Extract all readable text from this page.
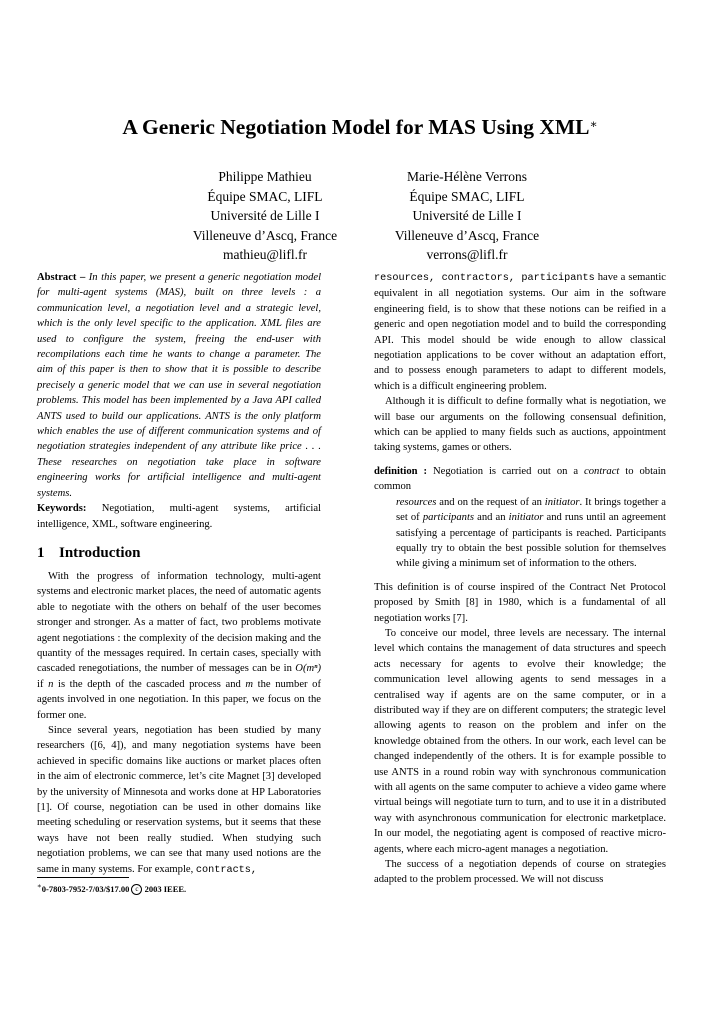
A Generic Negotiation Model for MAS Using XML∗
Philippe Mathieu
Équipe SMAC, LIFL
Université de Lille I
Villeneuve d’Ascq, France
mathieu@lifl.fr
Marie-Hélène Verrons
Équipe SMAC, LIFL
Université de Lille I
Villeneuve d’Ascq, France
verrons@lifl.fr

Abstract – In this paper, we present a generic negotiation model for multi-agent systems (MAS), built on three levels : a communication level, a negotiation level and a strategic level, which is the only level specific to the application. XML files are used to configure the system, freeing the end-user with recompilations each time he wants to change a parameter. The aim of this paper is then to show that it is possible to describe precisely a generic model that we can use in several negotiation problems. This model has been implemented by a Java API called ANTS used to build our applications. ANTS is the only platform which enables the use of different communication systems and of negotiation strategies independent of any attribute like price . . . These researches on negotiation take place in software engineering works for artificial intelligence and multi-agent systems.

Keywords: Negotiation, multi-agent systems, artificial intelligence, XML, software engineering.

1 Introduction

With the progress of information technology, multi-agent systems and electronic market places, the need of automatic agents able to negotiate with the others on behalf of the user becomes stronger and stronger. As a matter of fact, two problems motivate agent negotiations : the complexity of the decision making and the quantity of the messages required. In certain cases, specially with cascaded renegotiations, the number of messages can be in O(mⁿ) if n is the depth of the cascaded process and m the number of agents involved in one negotiation. In this paper, we focus on the former one.

Since several years, negotiation has been studied by many researchers ([6, 4]), and many negotiation systems have been achieved in specific domains like auctions or market places often in the aim of electronic commerce, let’s cite Magnet [3] developed by the university of Minnesota and works done at HP Laboratories [1]. Of course, negotiation can be used in other domains like meeting scheduling or reservation systems, but it seems that these ways have not been really studied. When studying such negotiation problems, we can see that many used notions are the same in many systems. For example, contracts,

∗0-7803-7952-7/03/$17.00 c 2003 IEEE.

resources, contractors, participants have a semantic equivalent in all negotiation systems. Our aim in the software engineering field, is to show that these notions can be reified in a generic and open negotiation model and to build the corresponding API. This model should be wide enough to allow classical negotiation applications to be cover without an adaptation effort, and to possess enough parameters to adapt to different models, which is a difficult engineering problem.

Although it is difficult to define formally what is negotiation, we will base our arguments on the following consensual definition, which can be applied to many fields such as auctions, appointment taking systems, games or others.

definition : Negotiation is carried out on a contract to obtain common

resources and on the request of an initiator. It brings together a set of participants and an initiator and runs until an agreement satisfying a percentage of participants is reached. Participants equally try to obtain the best possible solution for themselves while giving a minimum set of information to the others.

This definition is of course inspired of the Contract Net Protocol proposed by Smith [8] in 1980, which is a fundamental of all negotiation works [7].

To conceive our model, three levels are necessary. The internal level which contains the management of data structures and speech acts necessary for agents to evolve their knowledge; the communication level allowing agents to send messages in a centralised way if agents are on the same computer, or in a distributed way if they are on different computers; the strategic level allowing agents to reason on the problem and infer on the knowledge obtained from the others. In our work, each level can be changed independently of the others. It is for example possible to use ANTS in a round robin way with synchronous communication with all agents on the same computer to achieve a video game where virtual beings will negotiate turn to turn, and to use it in a distributed way with asynchronous communication for electronic marketplace. In our model, the negotiating agent is composed of reactive micro-agents, where each micro-agent manages a negotiation.

The success of a negotiation depends of course on strategies adapted to the problem processed. We will not discuss
